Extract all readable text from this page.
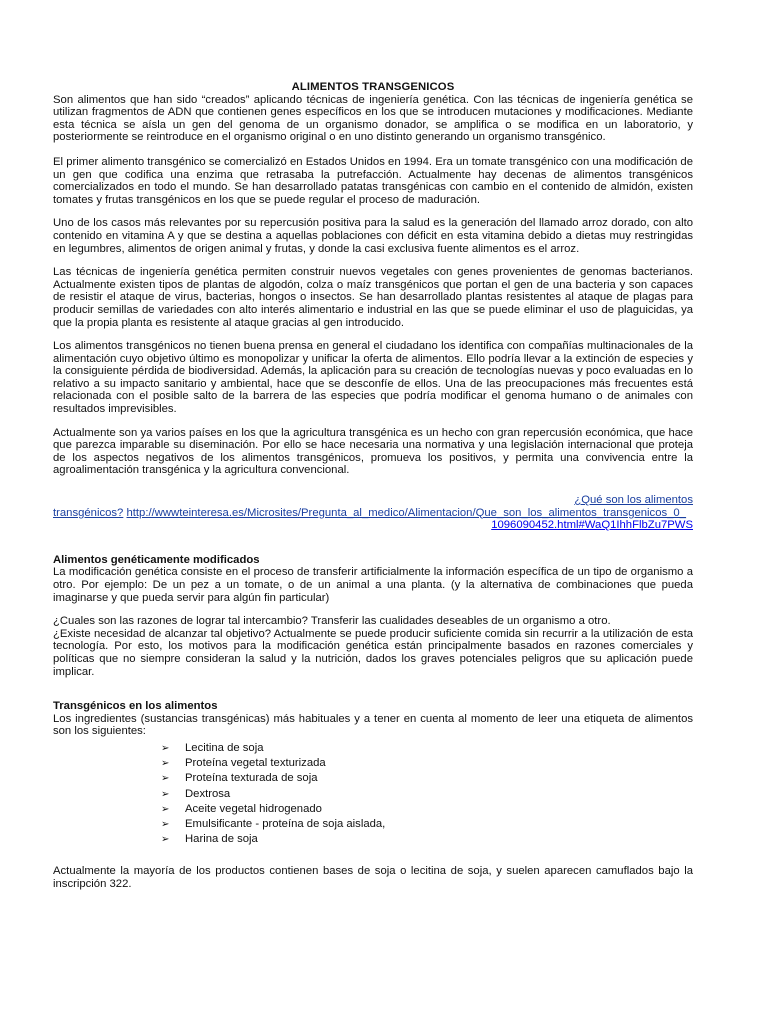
ALIMENTOS TRANSGENICOS

Son alimentos que han sido “creados” aplicando técnicas de ingeniería genética. Con las técnicas de ingeniería genética se utilizan fragmentos de ADN que contienen genes específicos en los que se introducen mutaciones y modificaciones. Mediante esta técnica se aísla un gen del genoma de un organismo donador, se amplifica o se modifica en un laboratorio, y posteriormente se reintroduce en el organismo original o en uno distinto generando un organismo transgénico.

El primer alimento transgénico se comercializó en Estados Unidos en 1994. Era un tomate transgénico con una modificación de un gen que codifica una enzima que retrasaba la putrefacción. Actualmente hay decenas de alimentos transgénicos comercializados en todo el mundo. Se han desarrollado patatas transgénicas con cambio en el contenido de almidón, existen tomates y frutas transgénicos en los que se puede regular el proceso de maduración.

Uno de los casos más relevantes por su repercusión positiva para la salud es la generación del llamado arroz dorado, con alto contenido en vitamina A y que se destina a aquellas poblaciones con déficit en esta vitamina debido a dietas muy restringidas en legumbres, alimentos de origen animal y frutas, y donde la casi exclusiva fuente alimentos es el arroz.

Las técnicas de ingeniería genética permiten construir nuevos vegetales con genes provenientes de genomas bacterianos. Actualmente existen tipos de plantas de algodón, colza o maíz transgénicos que portan el gen de una bacteria y son capaces de resistir el ataque de virus, bacterias, hongos o insectos. Se han desarrollado plantas resistentes al ataque de plagas para producir semillas de variedades con alto interés alimentario e industrial en las que se puede eliminar el uso de plaguicidas, ya que la propia planta es resistente al ataque gracias al gen introducido.

Los alimentos transgénicos no tienen buena prensa en general el ciudadano los identifica con compañías multinacionales de la alimentación cuyo objetivo último es monopolizar y unificar la oferta de alimentos. Ello podría llevar a la extinción de especies y la consiguiente pérdida de biodiversidad. Además, la aplicación para su creación de tecnologías nuevas y poco evaluadas en lo relativo a su impacto sanitario y ambiental, hace que se desconfíe de ellos. Una de las preocupaciones más frecuentes está relacionada con el posible salto de la barrera de las especies que podría modificar el genoma humano o de animales con resultados imprevisibles.

Actualmente son ya varios países en los que la agricultura transgénica es un hecho con gran repercusión económica, que hace que parezca imparable su diseminación. Por ello se hace necesaria una normativa y una legislación internacional que proteja de los aspectos negativos de los alimentos transgénicos, promueva los positivos, y permita una convivencia entre la agroalimentación transgénica y la agricultura convencional.

¿Qué son los alimentos
transgénicos? http://wwwteinteresa.es/Microsites/Pregunta_al_medico/Alimentacion/Que_son_los_alimentos_transgenicos_0_
1096090452.html#WaQ1IhhFlbZu7PWS
Alimentos genéticamente modificados

La modificación genética consiste en el proceso de transferir artificialmente la información específica de un tipo de organismo a otro. Por ejemplo: De un pez a un tomate, o de un animal a una planta. (y la alternativa de combinaciones que pueda imaginarse y que pueda servir para algún fin particular)

¿Cuales son las razones de lograr tal intercambio? Transferir las cualidades deseables de un organismo a otro.

¿Existe necesidad de alcanzar tal objetivo? Actualmente se puede producir suficiente comida sin recurrir a la utilización de esta tecnología. Por esto, los motivos para la modificación genética están principalmente basados en razones comerciales y políticas que no siempre consideran la salud y la nutrición, dados los graves potenciales peligros que su aplicación puede implicar.

Transgénicos en los alimentos

Los ingredientes (sustancias transgénicas) más habituales y a tener en cuenta al momento de leer una etiqueta de alimentos son los siguientes:

➢ Lecitina de soja
➢ Proteína vegetal texturizada
➢ Proteína texturada de soja
➢ Dextrosa
➢ Aceite vegetal hidrogenado
➢ Emulsificante - proteína de soja aislada,
➢ Harina de soja

Actualmente la mayoría de los productos contienen bases de soja o lecitina de soja, y suelen aparecen camuflados bajo la inscripción 322.
